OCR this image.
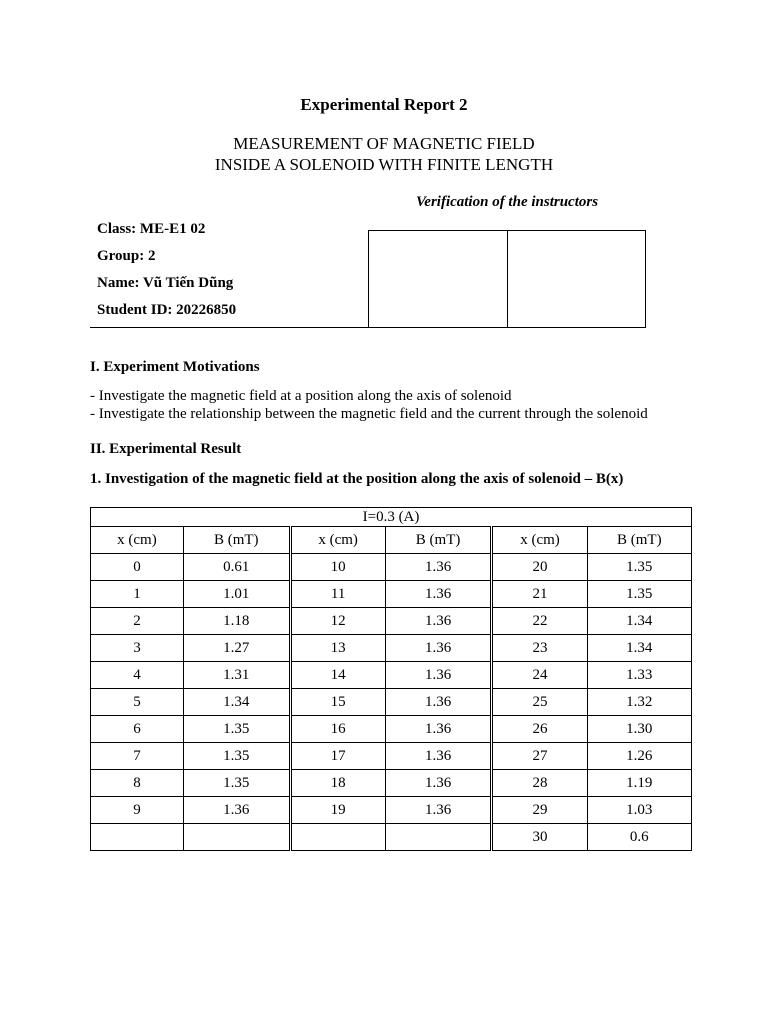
Experimental Report 2
MEASUREMENT OF MAGNETIC FIELD
INSIDE A SOLENOID WITH FINITE LENGTH
Verification of the instructors
Class: ME-E1 02
Group: 2
Name: Vũ Tiến Dũng
Student ID: 20226850
I. Experiment Motivations
- Investigate the magnetic field at a position along the axis of solenoid
- Investigate the relationship between the magnetic field and the current through the solenoid
II. Experimental Result
1. Investigation of the magnetic field at the position along the axis of solenoid – B(x)
I=0.3 (A)					
x (cm)	B (mT)	x (cm)	B (mT)	x (cm)	B (mT)
0	0.61	10	1.36	20	1.35
1	1.01	11	1.36	21	1.35
2	1.18	12	1.36	22	1.34
3	1.27	13	1.36	23	1.34
4	1.31	14	1.36	24	1.33
5	1.34	15	1.36	25	1.32
6	1.35	16	1.36	26	1.30
7	1.35	17	1.36	27	1.26
8	1.35	18	1.36	28	1.19
9	1.36	19	1.36	29	1.03
				30	0.6
